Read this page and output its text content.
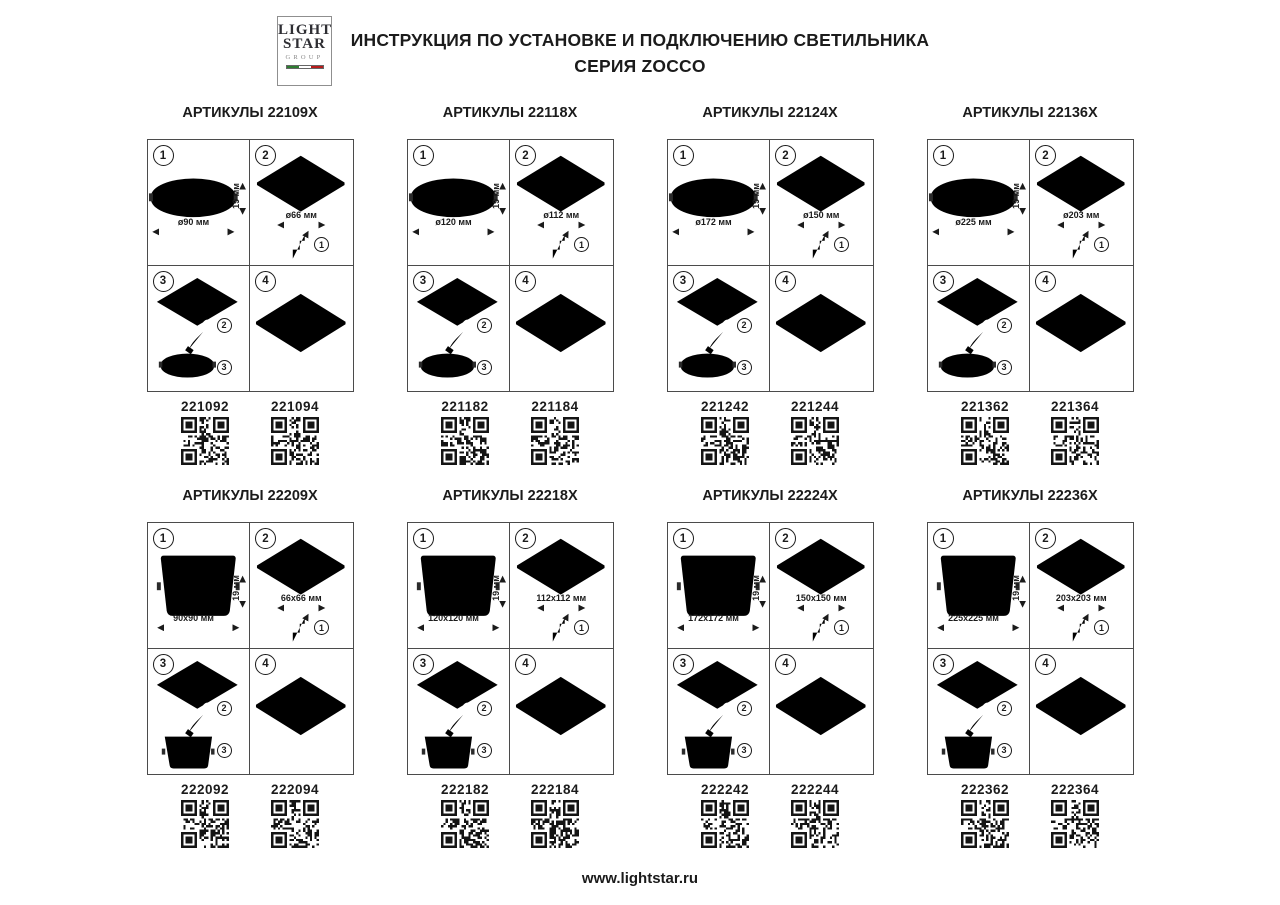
LIGHT
STAR
GROUP
ИНСТРУКЦИЯ ПО УСТАНОВКЕ И ПОДКЛЮЧЕНИЮ СВЕТИЛЬНИКА
СЕРИЯ ZOCCO
АРТИКУЛЫ 22109X
1
ø90 мм
19 мм
2
ø66 мм
1
3
2
3
4
221092	221094
АРТИКУЛЫ 22118X
1
ø120 мм
19 мм
2
ø112 мм
1
3
2
3
4
221182	221184
АРТИКУЛЫ 22124X
1
ø172 мм
19 мм
2
ø150 мм
1
3
2
3
4
221242	221244
АРТИКУЛЫ 22136X
1
ø225 мм
19 мм
2
ø203 мм
1
3
2
3
4
221362	221364
АРТИКУЛЫ 22209X
1
90x90 мм
19 мм
2
66x66 мм
1
3
2
3
4
222092	222094
АРТИКУЛЫ 22218X
1
120x120 мм
19 мм
2
112x112 мм
1
3
2
3
4
222182	222184
АРТИКУЛЫ 22224X
1
172x172 мм
19 мм
2
150x150 мм
1
3
2
3
4
222242	222244
АРТИКУЛЫ 22236X
1
225x225 мм
19 мм
2
203x203 мм
1
3
2
3
4
222362	222364
www.lightstar.ru
